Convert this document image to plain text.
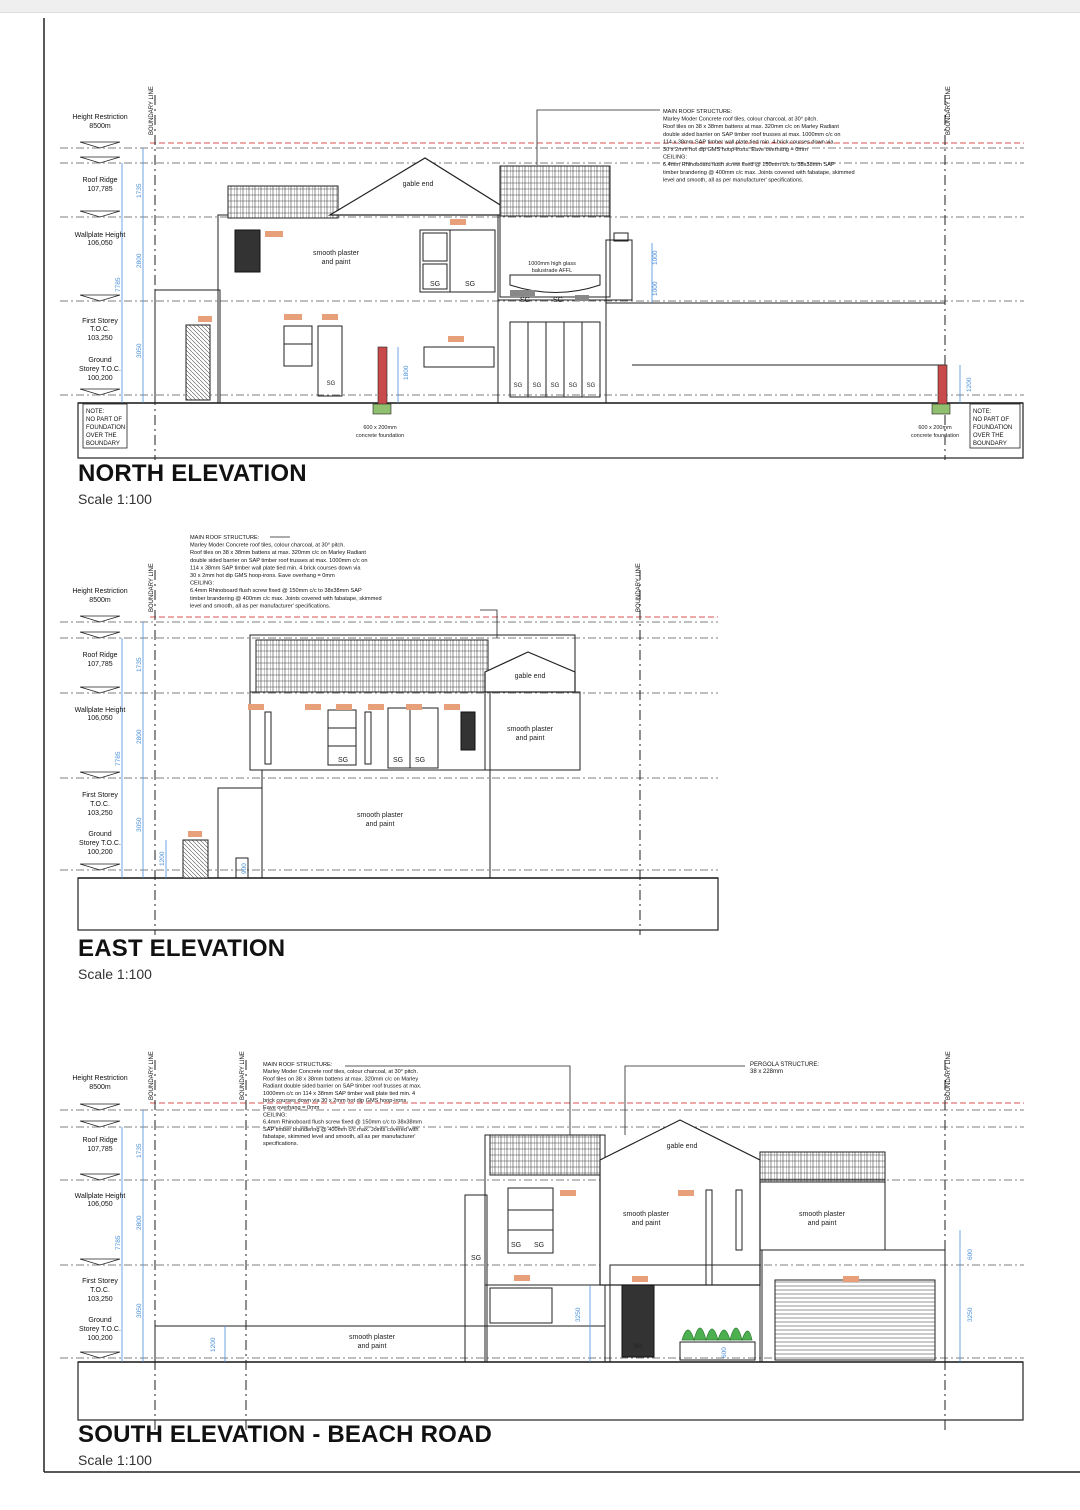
Height Restriction
8500m
Roof Ridge
107,785
Wallplate Height
106,050
First Storey
T.O.C.
103,250
Ground
Storey T.O.C.
100,200
Height Restriction
8500m
Roof Ridge
107,785
Wallplate Height
106,050
First Storey
T.O.C.
103,250
Ground
Storey T.O.C.
100,200
Height Restriction
8500m
Roof Ridge
107,785
Wallplate Height
106,050
First Storey
T.O.C.
103,250
Ground
Storey T.O.C.
100,200
BOUNDARY LINE	BOUNDARY LINE
BOUNDARY LINE	BOUNDARY LINE
BOUNDARY LINE	BOUNDARY LINE	BOUNDARY LINE
1735
2800
7785
3050
1800
1000
1000
1200
1735
2800
7785
3050
1200
900
1735
2800
7785
3050
1200
3250
600
3250
600
gable end
smooth plaster
and paint
SG	SG
1000mm high glass
balustrade AFFL
SG	SG
SG	SG SG SG SG SG
600 x 200mm
concrete foundation
600 x 200mm
concrete foundation
gable end
smooth plaster
and paint
SG	SG SG
smooth plaster
and paint
gable end
smooth plaster
and paint
smooth plaster
and paint
SG SG
SG
SG
smooth plaster
and paint
NOTE:
NO PART OF
FOUNDATION
OVER THE
BOUNDARY
NOTE:
NO PART OF
FOUNDATION
OVER THE
BOUNDARY
PERGOLA STRUCTURE:
38 x 228mm
MAIN ROOF STRUCTURE:
Marley Moder Concrete roof tiles, colour charcoal, at 30° pitch.
Roof tiles on 38 x 38mm battens at max. 320mm c/c on Marley Radiant
double sided barrier on SAP timber roof trusses at max. 1000mm c/c on
114 x 38mm SAP timber wall plate tied min. 4 brick courses down via
30 x 2mm hot dip GMS hoop-irons. Eave overhang = 0mm
CEILING:
6.4mm Rhinoboard flush screw fixed @ 150mm c/c to 38x38mm SAP
timber brandering @ 400mm c/c max. Joints covered with fabatape, skimmed
level and smooth, all as per manufacturer' specifications.
MAIN ROOF STRUCTURE:
Marley Moder Concrete roof tiles, colour charcoal, at 30° pitch.
Roof tiles on 38 x 38mm battens at max. 320mm c/c on Marley Radiant
double sided barrier on SAP timber roof trusses at max. 1000mm c/c on
114 x 38mm SAP timber wall plate tied min. 4 brick courses down via
30 x 2mm hot dip GMS hoop-irons. Eave overhang = 0mm
CEILING:
6.4mm Rhinoboard flush screw fixed @ 150mm c/c to 38x38mm SAP
timber brandering @ 400mm c/c max. Joints covered with fabatape, skimmed
level and smooth, all as per manufacturer' specifications.
MAIN ROOF STRUCTURE:
Marley Moder Concrete roof tiles, colour charcoal, at 30° pitch.
Roof tiles on 38 x 38mm battens at max. 320mm c/c on Marley
Radiant double sided barrier on SAP timber roof trusses at max.
1000mm c/c on 114 x 38mm SAP timber wall plate tied min. 4
brick courses down via 30 x 2mm hot dip GMS hoop-irons.
Eave overhang = 0mm
CEILING:
6.4mm Rhinoboard flush screw fixed @ 150mm c/c to 38x38mm
SAP timber brandering @ 400mm c/c max. Joints covered with
fabatape, skimmed level and smooth, all as per manufacturer'
specifications.
NORTH ELEVATION
Scale 1:100
EAST ELEVATION
Scale 1:100
SOUTH ELEVATION - BEACH ROAD
Scale 1:100
